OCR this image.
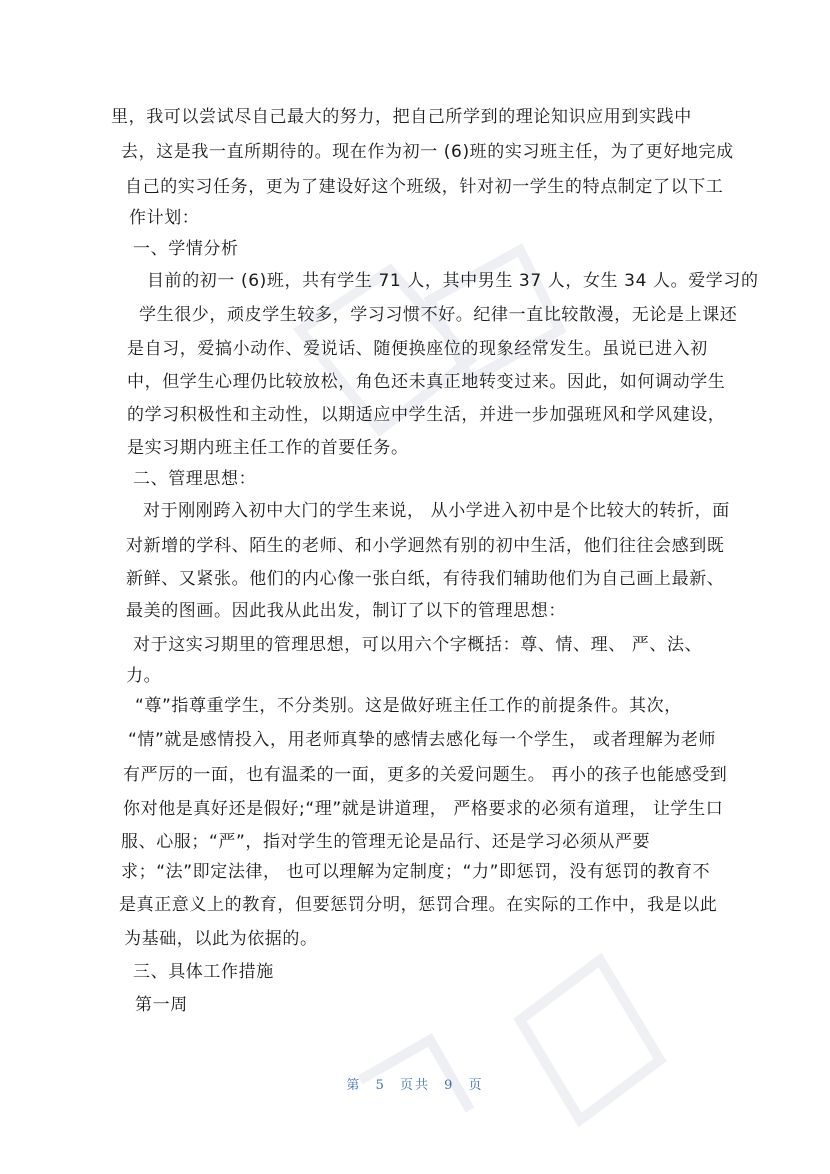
里，我可以尝试尽自己最大的努力，把自己所学到的理论知识应用到实践中
去，这是我一直所期待的。现在作为初一 (6)班的实习班主任，为了更好地完成
自己的实习任务，更为了建设好这个班级，针对初一学生的特点制定了以下工
作计划：
一、学情分析
目前的初一 (6)班，共有学生 71 人，其中男生 37 人，女生 34 人。爱学习的
学生很少，顽皮学生较多，学习习惯不好。纪律一直比较散漫，无论是上课还
是自习，爱搞小动作、爱说话、随便换座位的现象经常发生。虽说已进入初
中，但学生心理仍比较放松，角色还未真正地转变过来。因此，如何调动学生
的学习积极性和主动性，以期适应中学生活，并进一步加强班风和学风建设，
是实习期内班主任工作的首要任务。
二、管理思想：
对于刚刚跨入初中大门的学生来说， 从小学进入初中是个比较大的转折，面
对新增的学科、陌生的老师、和小学迥然有别的初中生活，他们往往会感到既
新鲜、又紧张。他们的内心像一张白纸，有待我们辅助他们为自己画上最新、
最美的图画。因此我从此出发，制订了以下的管理思想：
对于这实习期里的管理思想，可以用六个字概括：尊、情、理、 严、法、
力。
“尊”指尊重学生，不分类别。这是做好班主任工作的前提条件。其次，
“情”就是感情投入，用老师真挚的感情去感化每一个学生， 或者理解为老师
有严厉的一面，也有温柔的一面，更多的关爱问题生。 再小的孩子也能感受到
你对他是真好还是假好;“理”就是讲道理， 严格要求的必须有道理， 让学生口
服、心服；“严”，指对学生的管理无论是品行、还是学习必须从严要
求；“法”即定法律， 也可以理解为定制度；“力”即惩罚，没有惩罚的教育不
是真正意义上的教育，但要惩罚分明，惩罚合理。在实际的工作中，我是以此
为基础，以此为依据的。
三、具体工作措施
第一周
第 5 页共 9 页
